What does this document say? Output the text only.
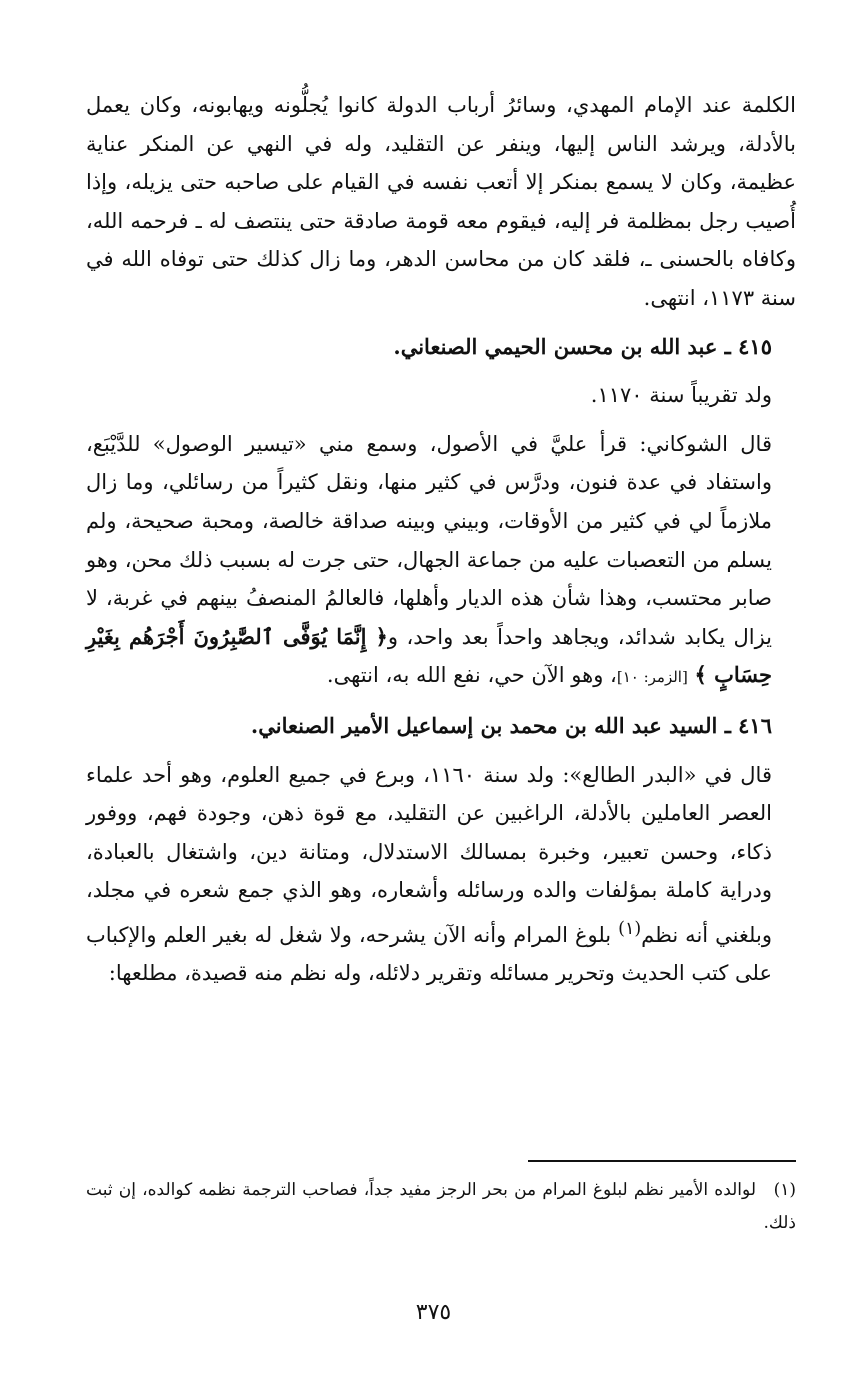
الكلمة عند الإمام المهدي، وسائرُ أرباب الدولة كانوا يُجلُّونه ويهابونه، وكان يعمل بالأدلة، ويرشد الناس إليها، وينفر عن التقليد، وله في النهي عن المنكر عناية عظيمة، وكان لا يسمع بمنكر إلا أتعب نفسه في القيام على صاحبه حتى يزيله، وإذا أُصيب رجل بمظلمة فر إليه، فيقوم معه قومة صادقة حتى ينتصف له ـ فرحمه الله، وكافاه بالحسنى ـ، فلقد كان من محاسن الدهر، وما زال كذلك حتى توفاه الله في سنة ١١٧٣، انتهى.

٤١٥ ـ عبد الله بن محسن الحيمي الصنعاني.

ولد تقريباً سنة ١١٧٠.

قال الشوكاني: قرأ عليَّ في الأصول، وسمع مني «تيسير الوصول» للدَّيْبَع، واستفاد في عدة فنون، ودرَّس في كثير منها، ونقل كثيراً من رسائلي، وما زال ملازماً لي في كثير من الأوقات، وبيني وبينه صداقة خالصة، ومحبة صحيحة، ولم يسلم من التعصبات عليه من جماعة الجهال، حتى جرت له بسبب ذلك محن، وهو صابر محتسب، وهذا شأن هذه الديار وأهلها، فالعالمُ المنصفُ بينهم في غربة، لا يزال يكابد شدائد، ويجاهد واحداً بعد واحد، و﴿ إِنَّمَا يُوَفَّى ٱلصَّٰبِرُونَ أَجْرَهُم بِغَيْرِ حِسَابٍ ﴾ [الزمر: ١٠]، وهو الآن حي، نفع الله به، انتهى.

٤١٦ ـ السيد عبد الله بن محمد بن إسماعيل الأمير الصنعاني.

قال في «البدر الطالع»: ولد سنة ١١٦٠، وبرع في جميع العلوم، وهو أحد علماء العصر العاملين بالأدلة، الراغبين عن التقليد، مع قوة ذهن، وجودة فهم، ووفور ذكاء، وحسن تعبير، وخبرة بمسالك الاستدلال، ومتانة دين، واشتغال بالعبادة، ودراية كاملة بمؤلفات والده ورسائله وأشعاره، وهو الذي جمع شعره في مجلد، وبلغني أنه نظم$^{(١)}$ بلوغ المرام وأنه الآن يشرحه، ولا شغل له بغير العلم والإكباب على كتب الحديث وتحرير مسائله وتقرير دلائله، وله نظم منه قصيدة، مطلعها:

(١)لوالده الأمير نظم لبلوغ المرام من بحر الرجز مفيد جداً، فصاحب الترجمة نظمه كوالده، إن ثبت ذلك.
٣٧٥
